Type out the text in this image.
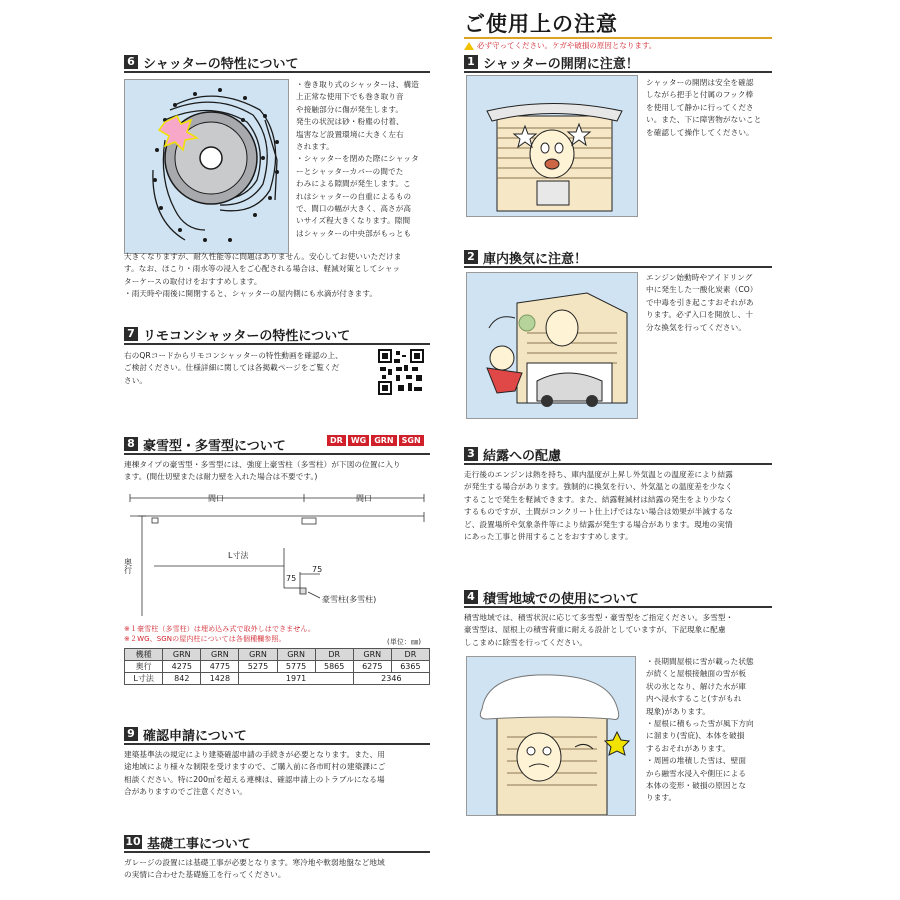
6 シャッターの特性について
・巻き取り式のシャッターは、構造
上正常な使用下でも巻き取り音
や接触部分に傷が発生します。
発生の状況は砂・粉塵の付着、
塩害など設置環境に大きく左右
されます。
・シャッターを閉めた際にシャッタ
ーとシャッターカバーの間でた
わみによる隙間が発生します。こ
れはシャッターの自重によるもの
で、間口の幅が大きく、高さが高
いサイズ程大きくなります。隙間
はシャッターの中央部がもっとも
大きくなりますが、耐久性能等に問題はありません。安心してお使いいただけま
す。なお、ほこり・雨水等の浸入をご心配される場合は、軽減対策としてシャッ
ターケースの取付けをおすすめします。
・雨天時や雨後に開閉すると、シャッターの屋内側にも水滴が付きます。
7 リモコンシャッターの特性について
右のQRコードからリモコンシャッターの特性動画を確認の上、
ご検討ください。仕様詳細に関しては各掲載ページをご覧くだ
さい。
8 豪雪型・多雪型について	DR	WG	GRN	SGN
連棟タイプの豪雪型・多雪型には、強度上豪雪柱（多雪柱）が下図の位置に入り
ます。(間仕切壁または耐力壁を入れた場合は不要です。)
間口	間口
奥行
L寸法
75
75
豪雪柱(多雪柱)
※１豪雪柱（多雪柱）は埋め込み式で取外しはできません。
※２WG、SGNの屋内柱については各個種欄参照。	(単位：㎜)
機種	GRN	GRN	GRN	GRN	DR	GRN	DR
奥行	4275	4775	5275	5775	5865	6275	6365
L寸法	842	1428	1971			2346	
9 確認申請について
建築基準法の規定により建築確認申請の手続きが必要となります。また、用
途地域により様々な制限を受けますので、ご購入前に各市町村の建築課にご
相談ください。特に200㎡を超える連棟は、確認申請上のトラブルになる場
合がありますのでご注意ください。
10 基礎工事について
ガレージの設置には基礎工事が必要となります。寒冷地や軟弱地盤など地域
の実情に合わせた基礎施工を行ってください。
ご使用上の注意
必ず守ってください。ケガや破損の原因となります。
1 シャッターの開閉に注意！
シャッターの開閉は安全を確認
しながら把手と付属のフック棒
を使用して静かに行ってくださ
い。また、下に障害物がないこと
を確認して操作してください。
2 庫内換気に注意！
エンジン始動時やアイドリング
中に発生した一酸化炭素（CO）
で中毒を引き起こすおそれがあ
ります。必ず入口を開放し、十
分な換気を行ってください。
3 結露への配慮
走行後のエンジンは熱を持ち、庫内温度が上昇し外気温との温度差により結露
が発生する場合があります。強制的に換気を行い、外気温との温度差を少なく
することで発生を軽減できます。また、結露軽減材は結露の発生をより少なく
するものですが、土間がコンクリート仕上げではない場合は効果が半減するな
ど、設置場所や気象条件等により結露が発生する場合があります。現地の実情
にあった工事と併用することをおすすめします。
4 積雪地域での使用について
積雪地域では、積雪状況に応じて多雪型・豪雪型をご指定ください。多雪型・
豪雪型は、屋根上の積雪荷重に耐える設計としていますが、下記現象に配慮
しこまめに除雪を行ってください。
・長期間屋根に雪が載った状態
が続くと屋根接触面の雪が板
状の氷となり、解けた水が庫
内へ浸水すること(すがもれ
現象)があります。
・屋根に積もった雪が風下方向
に溜まり(雪庇)、本体を破損
するおそれがあります。
・周囲の堆積した雪は、壁面
から融雪水浸入や側圧による
本体の変形・破損の原因とな
ります。
